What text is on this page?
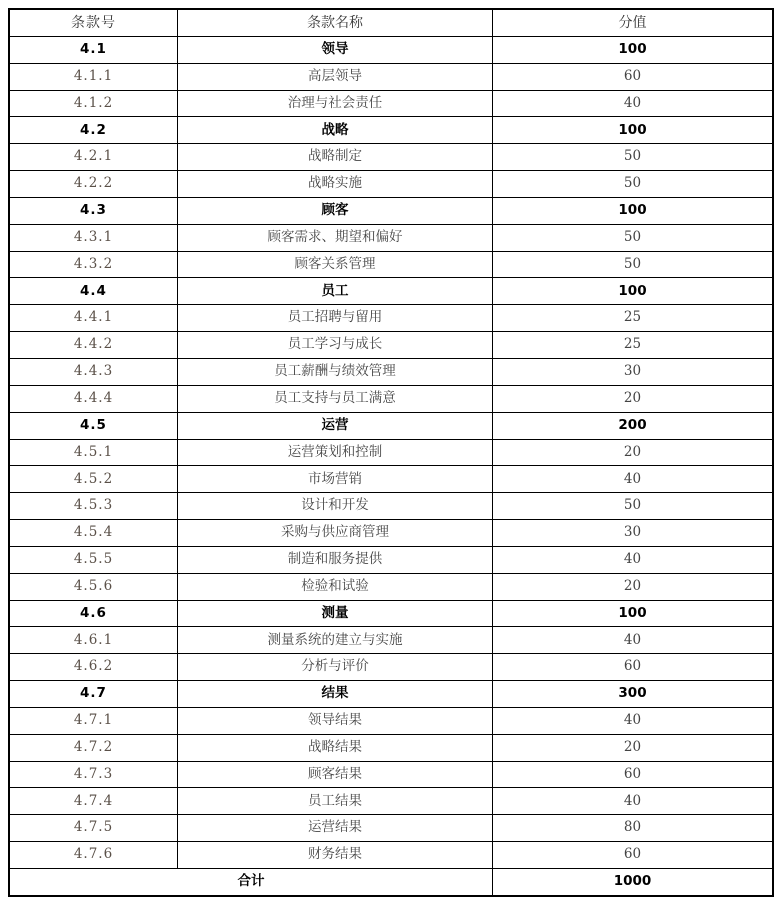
条款号	条款名称	分值
4.1	领导	100
4.1.1	高层领导	60
4.1.2	治理与社会责任	40
4.2	战略	100
4.2.1	战略制定	50
4.2.2	战略实施	50
4.3	顾客	100
4.3.1	顾客需求、期望和偏好	50
4.3.2	顾客关系管理	50
4.4	员工	100
4.4.1	员工招聘与留用	25
4.4.2	员工学习与成长	25
4.4.3	员工薪酬与绩效管理	30
4.4.4	员工支持与员工满意	20
4.5	运营	200
4.5.1	运营策划和控制	20
4.5.2	市场营销	40
4.5.3	设计和开发	50
4.5.4	采购与供应商管理	30
4.5.5	制造和服务提供	40
4.5.6	检验和试验	20
4.6	测量	100
4.6.1	测量系统的建立与实施	40
4.6.2	分析与评价	60
4.7	结果	300
4.7.1	领导结果	40
4.7.2	战略结果	20
4.7.3	顾客结果	60
4.7.4	员工结果	40
4.7.5	运营结果	80
4.7.6	财务结果	60
合计		1000
